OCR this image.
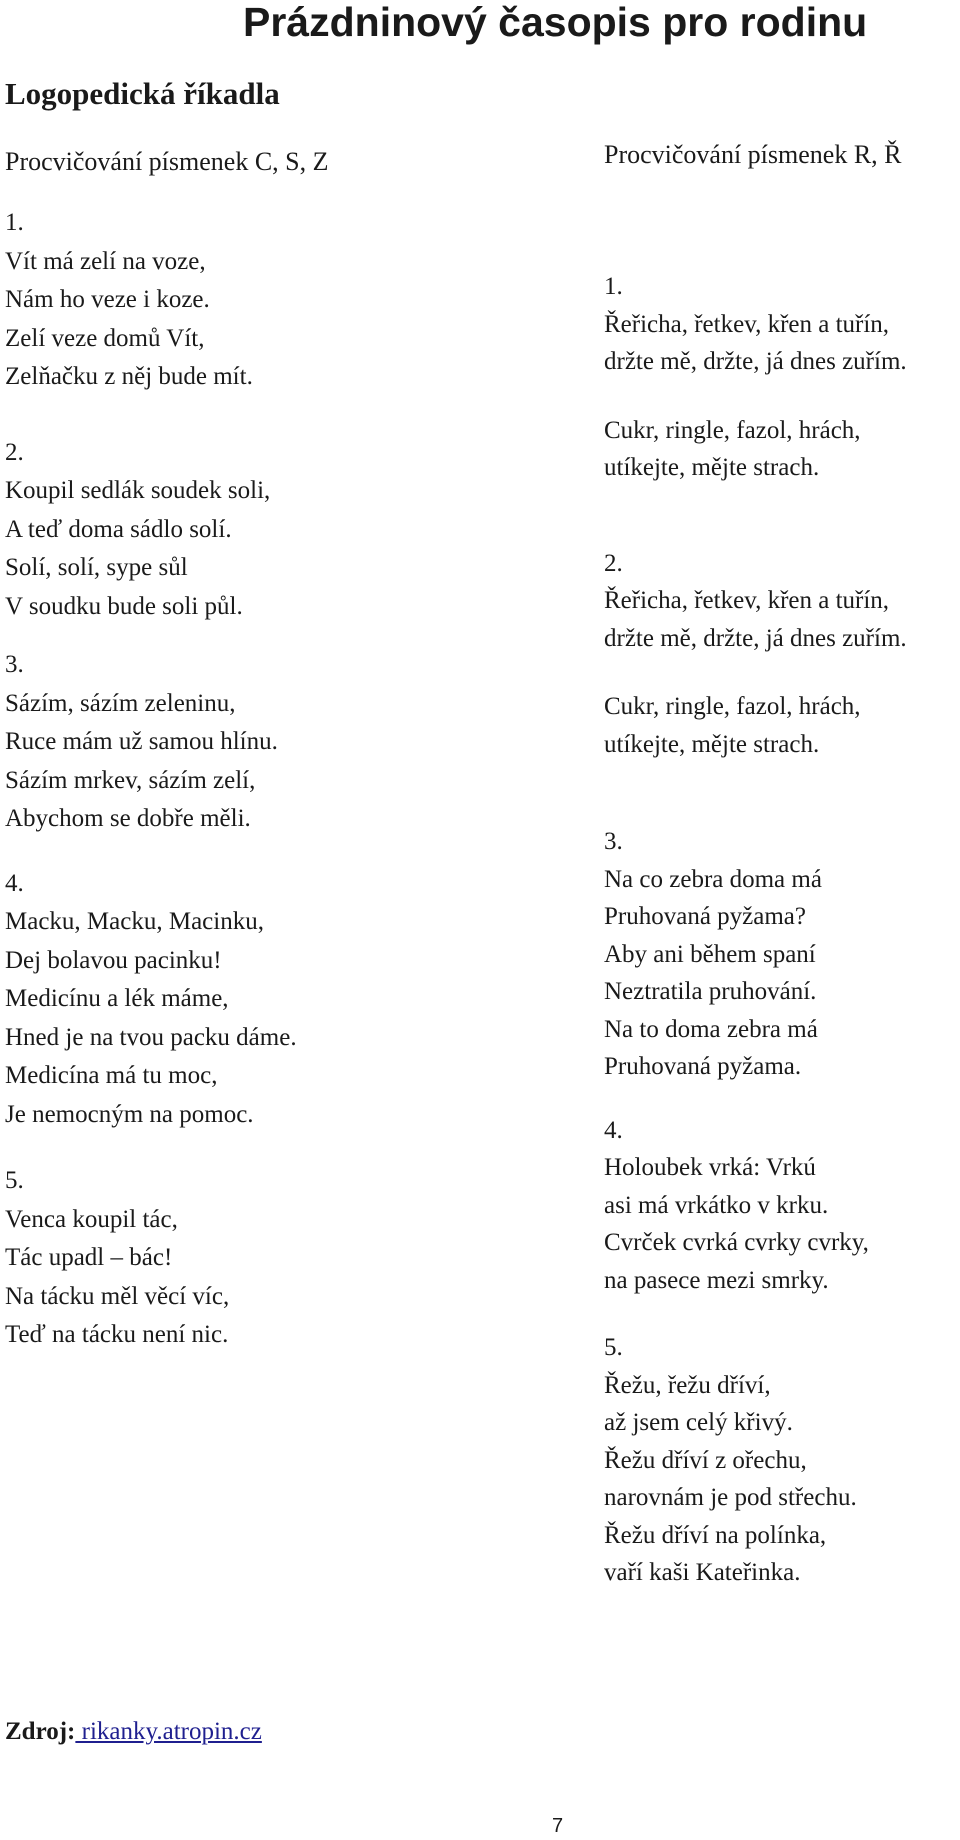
Prázdninový časopis pro rodinu
Logopedická říkadla
Procvičování písmenek C, S, Z	Procvičování písmenek R, Ř
1.
Vít má zelí na voze,
Nám ho veze i koze.
Zelí veze domů Vít,
Zelňačku z něj bude mít.
2.
Koupil sedlák soudek soli,
A teď doma sádlo solí.
Solí, solí, sype sůl
V soudku bude soli půl.
3.
Sázím, sázím zeleninu,
Ruce mám už samou hlínu.
Sázím mrkev, sázím zelí,
Abychom se dobře měli.
4.
Macku, Macku, Macinku,
Dej bolavou pacinku!
Medicínu a lék máme,
Hned je na tvou packu dáme.
Medicína má tu moc,
Je nemocným na pomoc.
5.
Venca koupil tác,
Tác upadl – bác!
Na tácku měl věcí víc,
Teď na tácku není nic.
1.
Řeřicha, řetkev, křen a tuřín,
držte mě, držte, já dnes zuřím.
Cukr, ringle, fazol, hrách,
utíkejte, mějte strach.
2.
Řeřicha, řetkev, křen a tuřín,
držte mě, držte, já dnes zuřím.
Cukr, ringle, fazol, hrách,
utíkejte, mějte strach.
3.
Na co zebra doma má
Pruhovaná pyžama?
Aby ani během spaní
Neztratila pruhování.
Na to doma zebra má
Pruhovaná pyžama.
4.
Holoubek vrká: Vrkú
asi má vrkátko v krku.
Cvrček cvrká cvrky cvrky,
na pasece mezi smrky.
5.
Řežu, řežu dříví,
až jsem celý křivý.
Řežu dříví z ořechu,
narovnám je pod střechu.
Řežu dříví na polínka,
vaří kaši Kateřinka.
Zdroj: rikanky.atropin.cz
7
